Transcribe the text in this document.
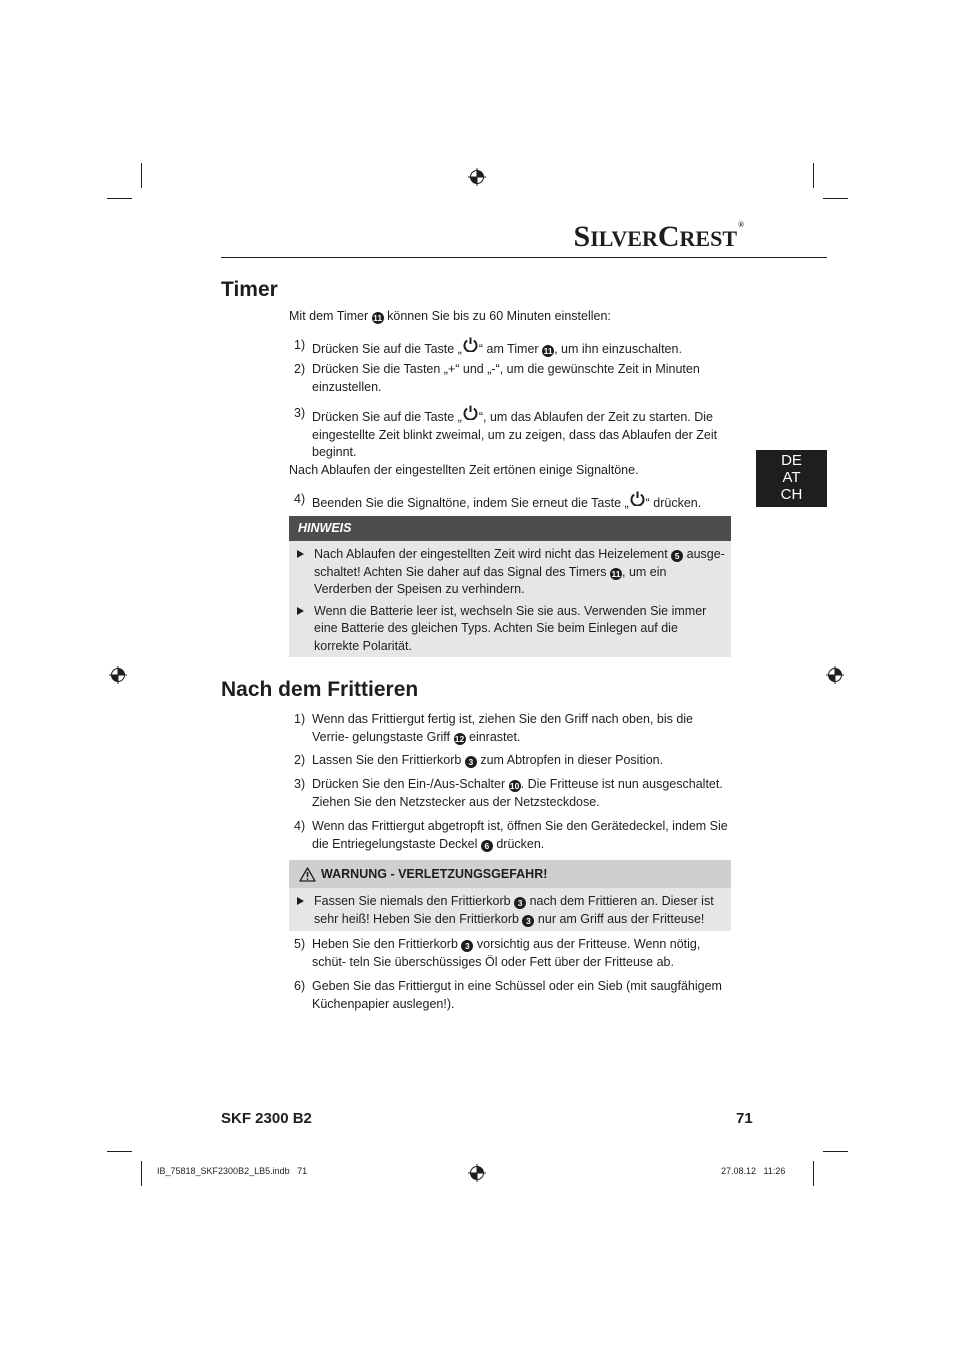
S ILVER C REST
®
DE
AT
CH
Timer
Mit dem Timer 11 können Sie bis zu 60 Minuten einstellen:
1) Drücken Sie auf die Taste „ “ am Timer 11 , um ihn einzuschalten.
2) Drücken Sie die Tasten „+“ und „-“, um die gewünschte Zeit in Minuten einzustellen.
3) Drücken Sie auf die Taste „ “, um das Ablaufen der Zeit zu starten. Die eingestellte Zeit blinkt zweimal, um zu zeigen, dass das Ablaufen der Zeit beginnt.
Nach Ablaufen der eingestellten Zeit ertönen einige Signaltöne.
4) Beenden Sie die Signaltöne, indem Sie erneut die Taste „ “ drücken.
HINWEIS
Nach Ablaufen der eingestellten Zeit wird nicht das Heizelement 5 ausge- schaltet! Achten Sie daher auf das Signal des Timers 11 , um ein Verderben der Speisen zu verhindern.
Wenn die Batterie leer ist, wechseln Sie sie aus. Verwenden Sie immer eine Batterie des gleichen Typs. Achten Sie beim Einlegen auf die korrekte Polarität.
Nach dem Frittieren
1) Wenn das Frittiergut fertig ist, ziehen Sie den Griff nach oben, bis die Verrie- gelungstaste Griff 12 einrastet.
2) Lassen Sie den Frittierkorb 3 zum Abtropfen in dieser Position.
3) Drücken Sie den Ein-/Aus-Schalter 10. Die Fritteuse ist nun ausgeschaltet. Ziehen Sie den Netzstecker aus der Netzsteckdose.
4) Wenn das Frittiergut abgetropft ist, öffnen Sie den Gerätedeckel, indem Sie die Entriegelungstaste Deckel 6 drücken.
WARNUNG - VERLETZUNGSGEFAHR!
Fassen Sie niemals den Frittierkorb 3 nach dem Frittieren an. Dieser ist sehr heiß! Heben Sie den Frittierkorb 3 nur am Griff aus der Fritteuse!
5) Heben Sie den Frittierkorb 3 vorsichtig aus der Fritteuse. Wenn nötig, schüt- teln Sie überschüssiges Öl oder Fett über der Fritteuse ab.
6) Geben Sie das Frittiergut in eine Schüssel oder ein Sieb (mit saugfähigem Küchenpapier auslegen!).
SKF 2300 B2	71
IB_75818_SKF2300B2_LB5.indb   71	27.08.12   11:26
